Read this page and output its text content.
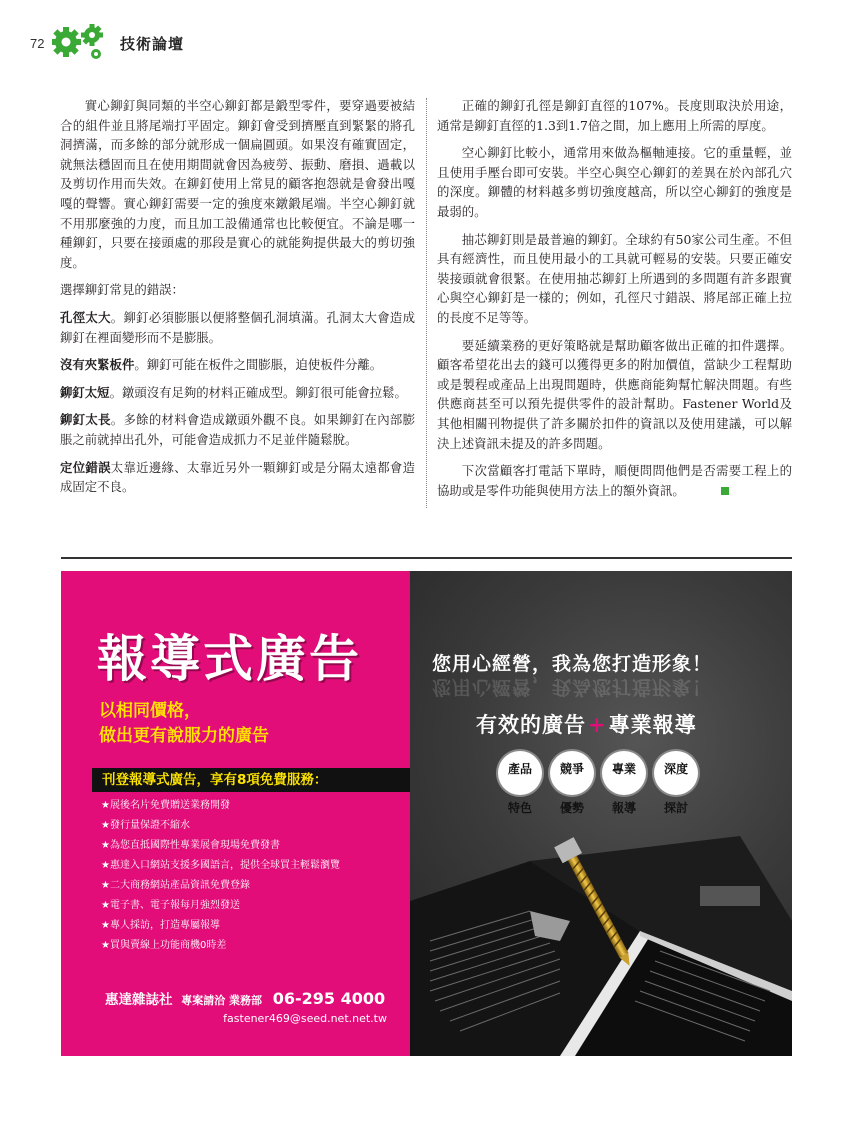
72	技術論壇

實心鉚釘與同類的半空心鉚釘都是鍛型零件，要穿過要被結合的組件並且將尾端打平固定。鉚釘會受到擠壓直到緊緊的將孔洞擠滿，而多餘的部分就形成一個扁圓頭。如果沒有確實固定，就無法穩固而且在使用期間就會因為疲勞、振動、磨損、過載以及剪切作用而失效。在鉚釘使用上常見的顧客抱怨就是會發出嘎嘎的聲響。實心鉚釘需要一定的強度來鐓鍛尾端。半空心鉚釘就不用那麼強的力度，而且加工設備通常也比較便宜。不論是哪一種鉚釘，只要在接頭處的那段是實心的就能夠提供最大的剪切強度。

選擇鉚釘常見的錯誤：

孔徑太大。鉚釘必須膨脹以便將整個孔洞填滿。孔洞太大會造成鉚釘在裡面變形而不是膨脹。

沒有夾緊板件。鉚釘可能在板件之間膨脹，迫使板件分離。

鉚釘太短。鐓頭沒有足夠的材料正確成型。鉚釘很可能會拉鬆。

鉚釘太長。多餘的材料會造成鐓頭外觀不良。如果鉚釘在內部膨脹之前就掉出孔外，可能會造成抓力不足並伴隨鬆脫。

定位錯誤太靠近邊緣、太靠近另外一顆鉚釘或是分隔太遠都會造成固定不良。

正確的鉚釘孔徑是鉚釘直徑的107%。長度則取決於用途，通常是鉚釘直徑的1.3到1.7倍之間，加上應用上所需的厚度。

空心鉚釘比較小，通常用來做為樞軸連接。它的重量輕，並且使用手壓台即可安裝。半空心與空心鉚釘的差異在於內部孔穴的深度。鉚體的材料越多剪切強度越高，所以空心鉚釘的強度是最弱的。

抽芯鉚釘則是最普遍的鉚釘。全球約有50家公司生產。不但具有經濟性，而且使用最小的工具就可輕易的安裝。只要正確安裝接頭就會很緊。在使用抽芯鉚釘上所遇到的多問題有許多跟實心與空心鉚釘是一樣的；例如，孔徑尺寸錯誤、將尾部正確上拉的長度不足等等。

要延續業務的更好策略就是幫助顧客做出正確的扣件選擇。顧客希望花出去的錢可以獲得更多的附加價值，當缺少工程幫助或是製程或產品上出現問題時，供應商能夠幫忙解決問題。有些供應商甚至可以預先提供零件的設計幫助。Fastener World及其他相關刊物提供了許多關於扣件的資訊以及使用建議，可以解決上述資訊未提及的許多問題。

下次當顧客打電話下單時，順便問問他們是否需要工程上的協助或是零件功能與使用方法上的額外資訊。

報導式廣告
以相同價格，
做出更有說服力的廣告
刊登報導式廣告，享有8項免費服務：
★展後名片免費贈送業務開發
★發行量保證不縮水
★為您直抵國際性專業展會現場免費發書
★惠達入口網站支援多國語言，提供全球買主輕鬆瀏覽
★二大商務網站產品資訊免費登錄
★電子書、電子報每月強烈發送
★專人採訪，打造專屬報導
★買與賣線上功能商機0時差
惠達雜誌社 專案請洽 業務部 06-295 4000
fastener469@seed.net.net.tw
您用心經營，我為您打造形象！
您用心經營，我為您打造形象！
有效的廣告+專業報導
產品

特色
競爭

優勢
專業

報導
深度

探討
